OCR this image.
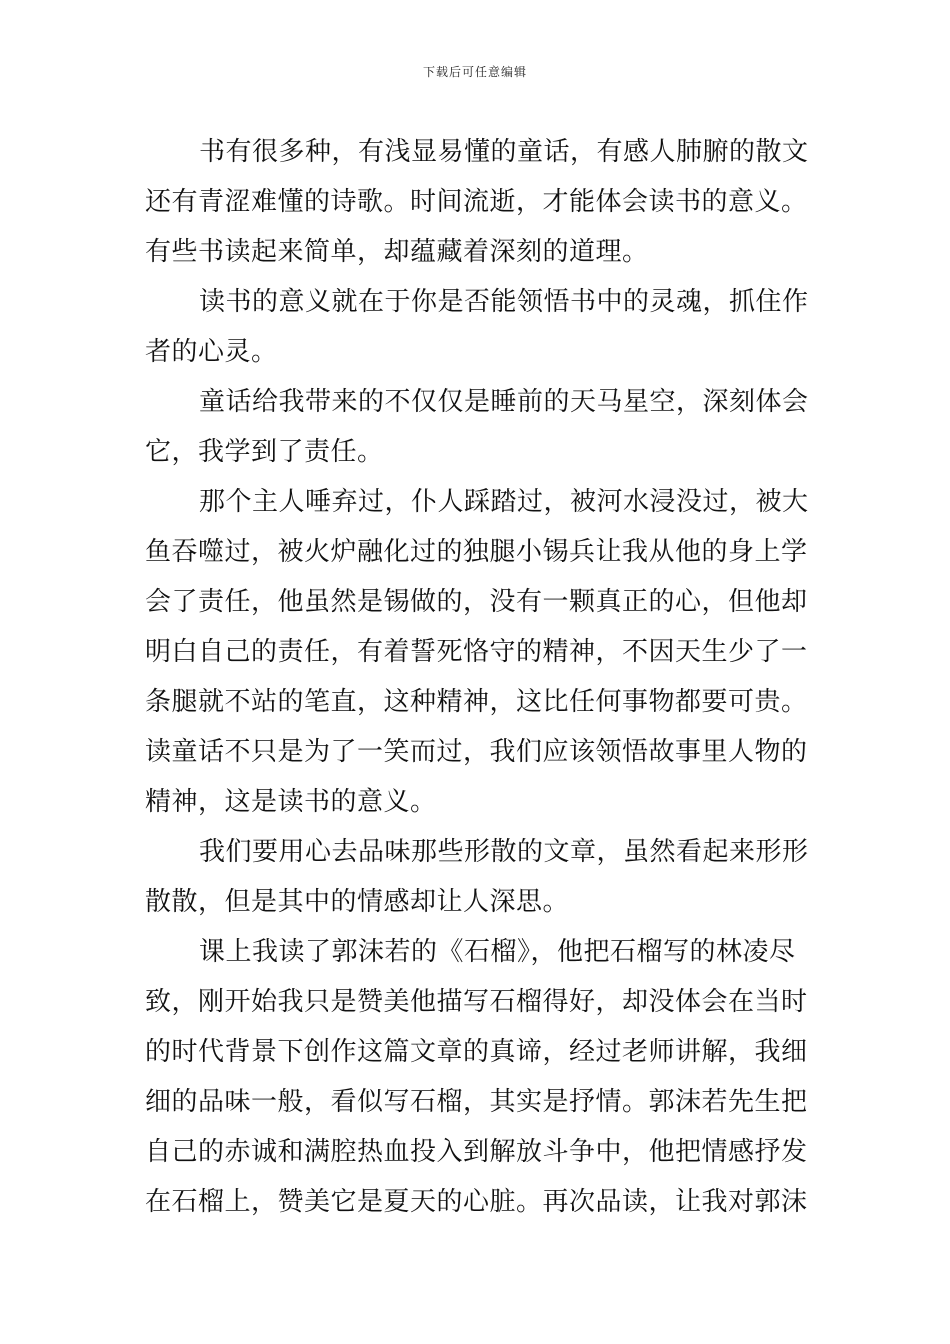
下载后可任意编辑
书有很多种，有浅显易懂的童话，有感人肺腑的散文
还有青涩难懂的诗歌。时间流逝，才能体会读书的意义。
有些书读起来简单，却蕴藏着深刻的道理。
读书的意义就在于你是否能领悟书中的灵魂，抓住作
者的心灵。
童话给我带来的不仅仅是睡前的天马星空，深刻体会
它，我学到了责任。
那个主人唾弃过，仆人踩踏过，被河水浸没过，被大
鱼吞噬过，被火炉融化过的独腿小锡兵让我从他的身上学
会了责任，他虽然是锡做的，没有一颗真正的心，但他却
明白自己的责任，有着誓死恪守的精神，不因天生少了一
条腿就不站的笔直，这种精神，这比任何事物都要可贵。
读童话不只是为了一笑而过，我们应该领悟故事里人物的
精神，这是读书的意义。
我们要用心去品味那些形散的文章，虽然看起来形形
散散，但是其中的情感却让人深思。
课上我读了郭沫若的《石榴》，他把石榴写的林凌尽
致，刚开始我只是赞美他描写石榴得好，却没体会在当时
的时代背景下创作这篇文章的真谛，经过老师讲解，我细
细的品味一般，看似写石榴，其实是抒情。郭沫若先生把
自己的赤诚和满腔热血投入到解放斗争中，他把情感抒发
在石榴上，赞美它是夏天的心脏。再次品读，让我对郭沫
